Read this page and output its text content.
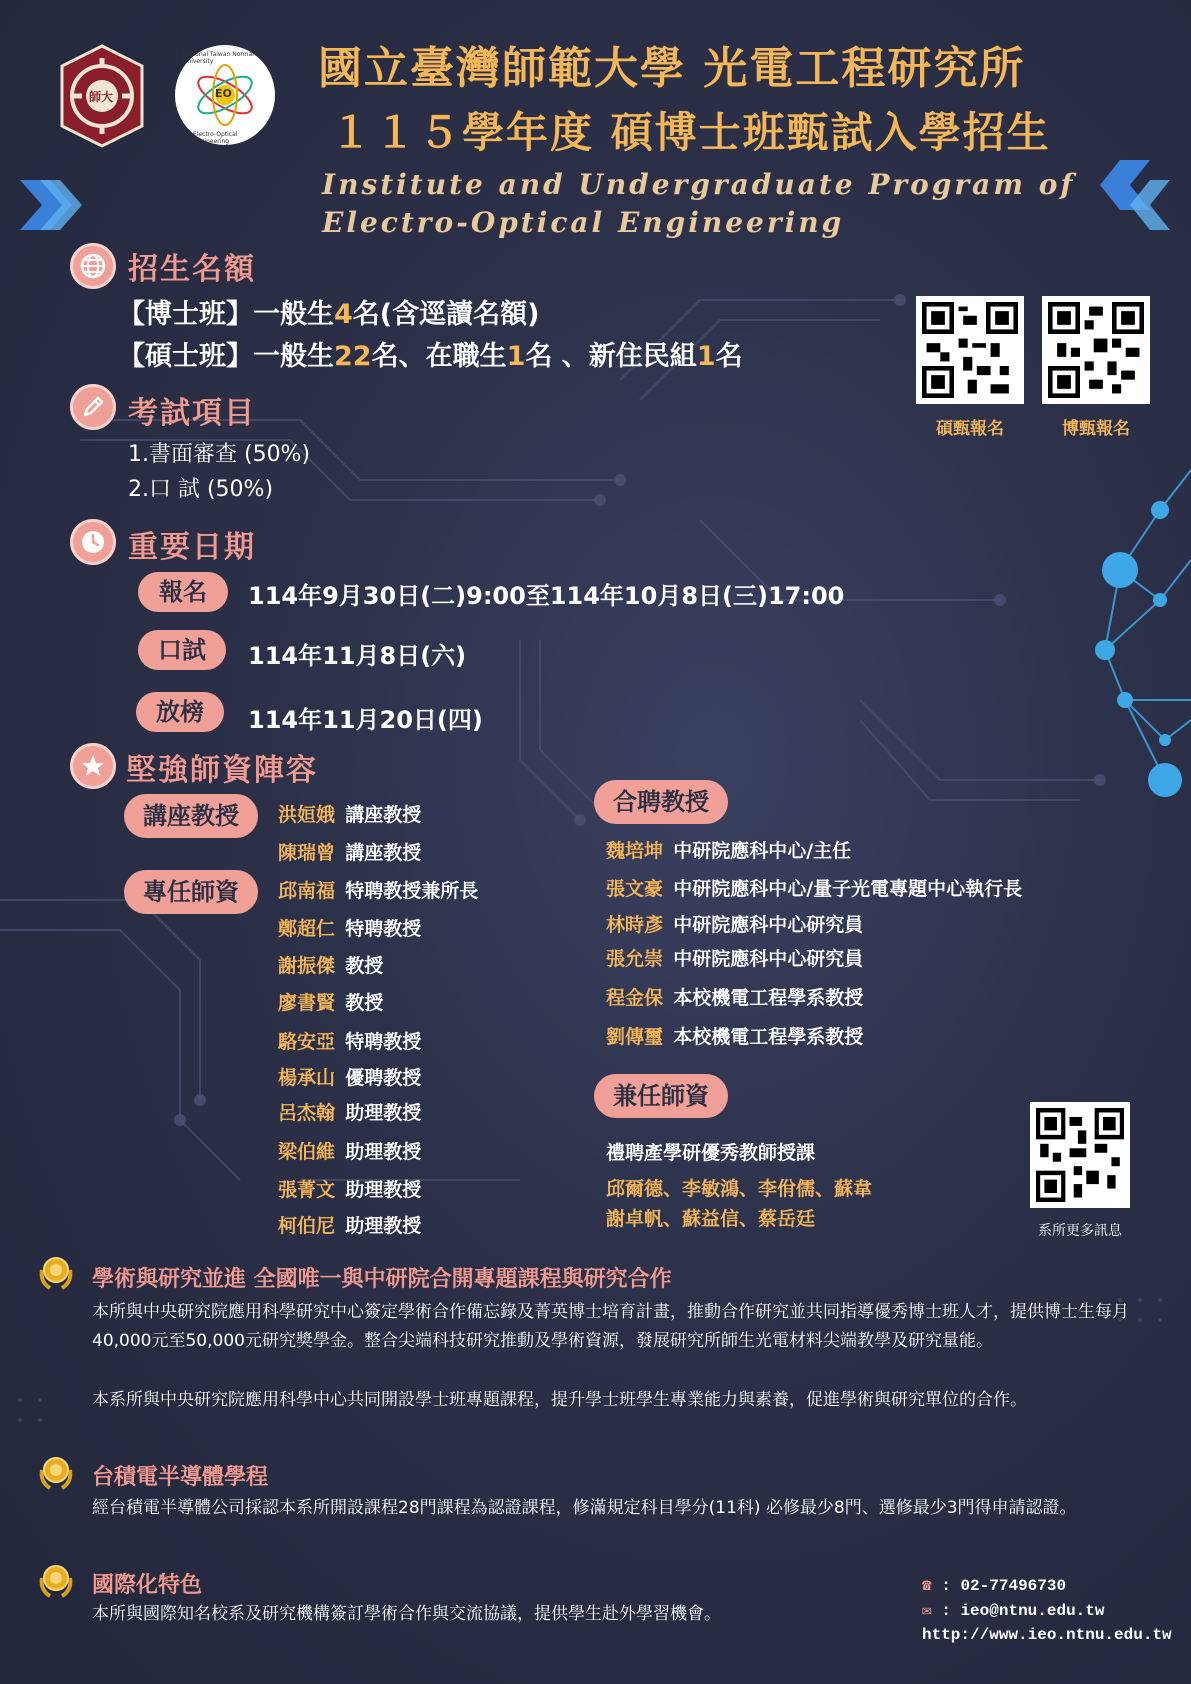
師大	EO
National Taiwan Normal University
Electro-Optical Engineering
國立臺灣師範大學 光電工程研究所
１１５學年度 碩博士班甄試入學招生
Institute and Undergraduate Program of
Electro-Optical Engineering
招生名額
【博士班】一般生4名(含逕讀名額)
【碩士班】一般生22名、在職生1名 、新住民組1名
碩甄報名	博甄報名
考試項目
1.書面審查 (50%)
2.口 試 (50%)
重要日期
報名	114年9月30日(二)9:00至114年10月8日(三)17:00
口試	114年11月8日(六)
放榜	114年11月20日(四)
堅強師資陣容
講座教授
專任師資
洪姮娥 講座教授
陳瑞曾 講座教授
邱南福 特聘教授兼所長
鄭超仁 特聘教授
謝振傑 教授
廖書賢 教授
駱安亞 特聘教授
楊承山 優聘教授
呂杰翰 助理教授
梁伯維 助理教授
張菁文 助理教授
柯伯尼 助理教授
合聘教授
魏培坤 中研院應科中心/主任
張文豪 中研院應科中心/量子光電專題中心執行長
林時彥 中研院應科中心研究員
張允崇 中研院應科中心研究員
程金保 本校機電工程學系教授
劉傳璽 本校機電工程學系教授
兼任師資
禮聘產學研優秀教師授課
邱爾德、李敏鴻、李佾儒、蘇韋
謝卓帆、蘇益信、蔡岳廷
系所更多訊息
學術與研究並進 全國唯一與中研院合開專題課程與研究合作
本所與中央研究院應用科學研究中心簽定學術合作備忘錄及菁英博士培育計畫，推動合作研究並共同指導優秀博士班人才，提供博士生每月40,000元至50,000元研究獎學金。整合尖端科技研究推動及學術資源，發展研究所師生光電材料尖端教學及研究量能。
本系所與中央研究院應用科學中心共同開設學士班專題課程，提升學士班學生專業能力與素養，促進學術與研究單位的合作。
台積電半導體學程
經台積電半導體公司採認本系所開設課程28門課程為認證課程，修滿規定科目學分(11科) 必修最少8門、選修最少3門得申請認證。
國際化特色
本所與國際知名校系及研究機構簽訂學術合作與交流協議，提供學生赴外學習機會。
☎ : 02-77496730
✉ : ieo@ntnu.edu.tw
http://www.ieo.ntnu.edu.tw
